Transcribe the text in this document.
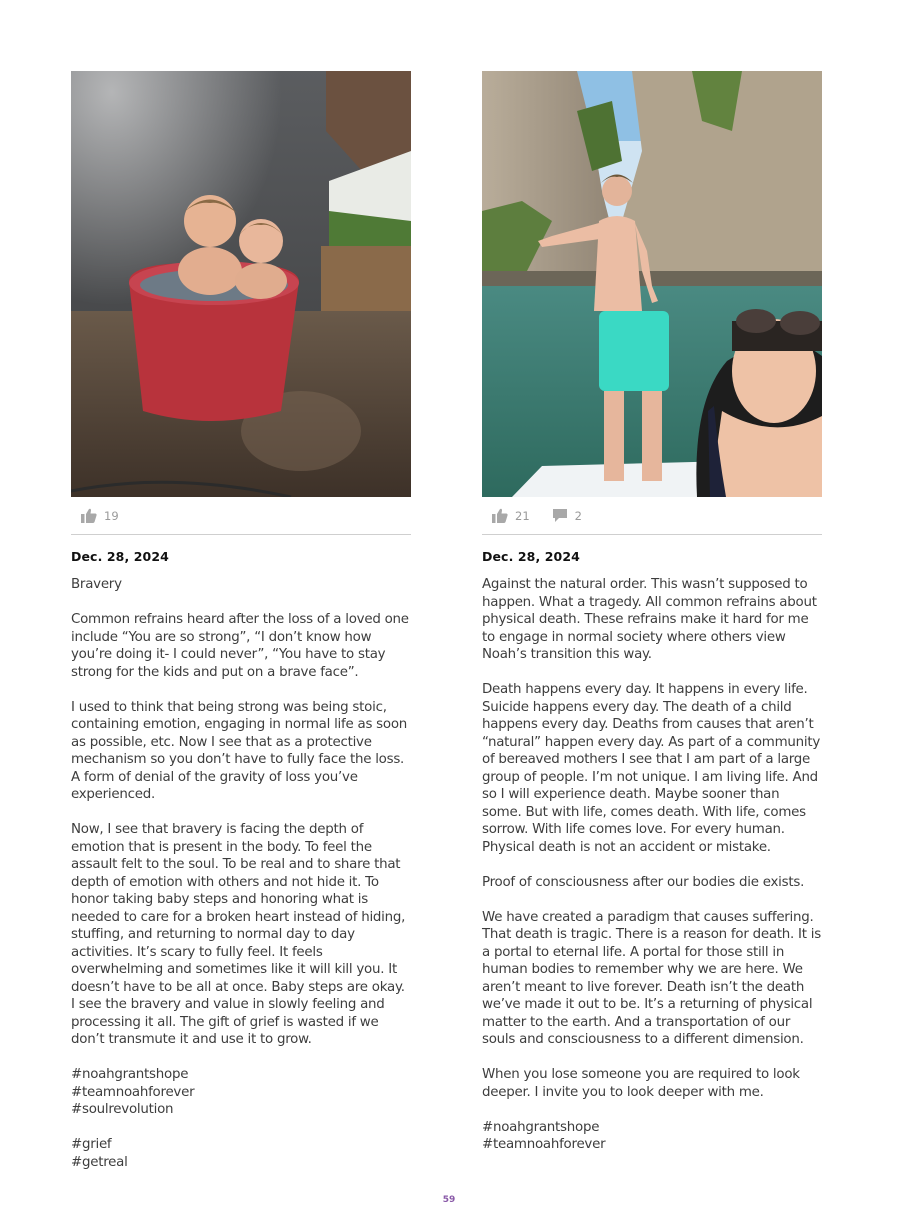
19
Dec. 28, 2024

Bravery

Common refrains heard after the loss of a loved one include “You are so strong”, “I don’t know how you’re doing it- I could never”, “You have to stay strong for the kids and put on a brave face”.

I used to think that being strong was being stoic, containing emotion, engaging in normal life as soon as possible, etc. Now I see that as a protective mechanism so you don’t have to fully face the loss. A form of denial of the gravity of loss you’ve experienced.

Now, I see that bravery is facing the depth of emotion that is present in the body. To feel the assault felt to the soul. To be real and to share that depth of emotion with others and not hide it. To honor taking baby steps and honoring what is needed to care for a broken heart instead of hiding, stuffing, and returning to normal day to day activities. It’s scary to fully feel. It feels overwhelming and sometimes like it will kill you. It doesn’t have to be all at once. Baby steps are okay. I see the bravery and value in slowly feeling and processing it all. The gift of grief is wasted if we don’t transmute it and use it to grow.

#noahgrantshope
#teamnoahforever
#soulrevolution

#grief
#getreal

21	2
Dec. 28, 2024

Against the natural order. This wasn’t supposed to happen. What a tragedy. All common refrains about physical death. These refrains make it hard for me to engage in normal society where others view Noah’s transition this way.

Death happens every day. It happens in every life. Suicide happens every day. The death of a child happens every day. Deaths from causes that aren’t “natural” happen every day. As part of a community of bereaved mothers I see that I am part of a large group of people. I’m not unique. I am living life. And so I will experience death. Maybe sooner than some. But with life, comes death. With life, comes sorrow. With life comes love. For every human. Physical death is not an accident or mistake.

Proof of consciousness after our bodies die exists.

We have created a paradigm that causes suffering. That death is tragic. There is a reason for death. It is a portal to eternal life. A portal for those still in human bodies to remember why we are here. We aren’t meant to live forever. Death isn’t the death we’ve made it out to be. It’s a returning of physical matter to the earth. And a transportation of our souls and consciousness to a different dimension.

When you lose someone you are required to look deeper. I invite you to look deeper with me.

#noahgrantshope
#teamnoahforever

59
